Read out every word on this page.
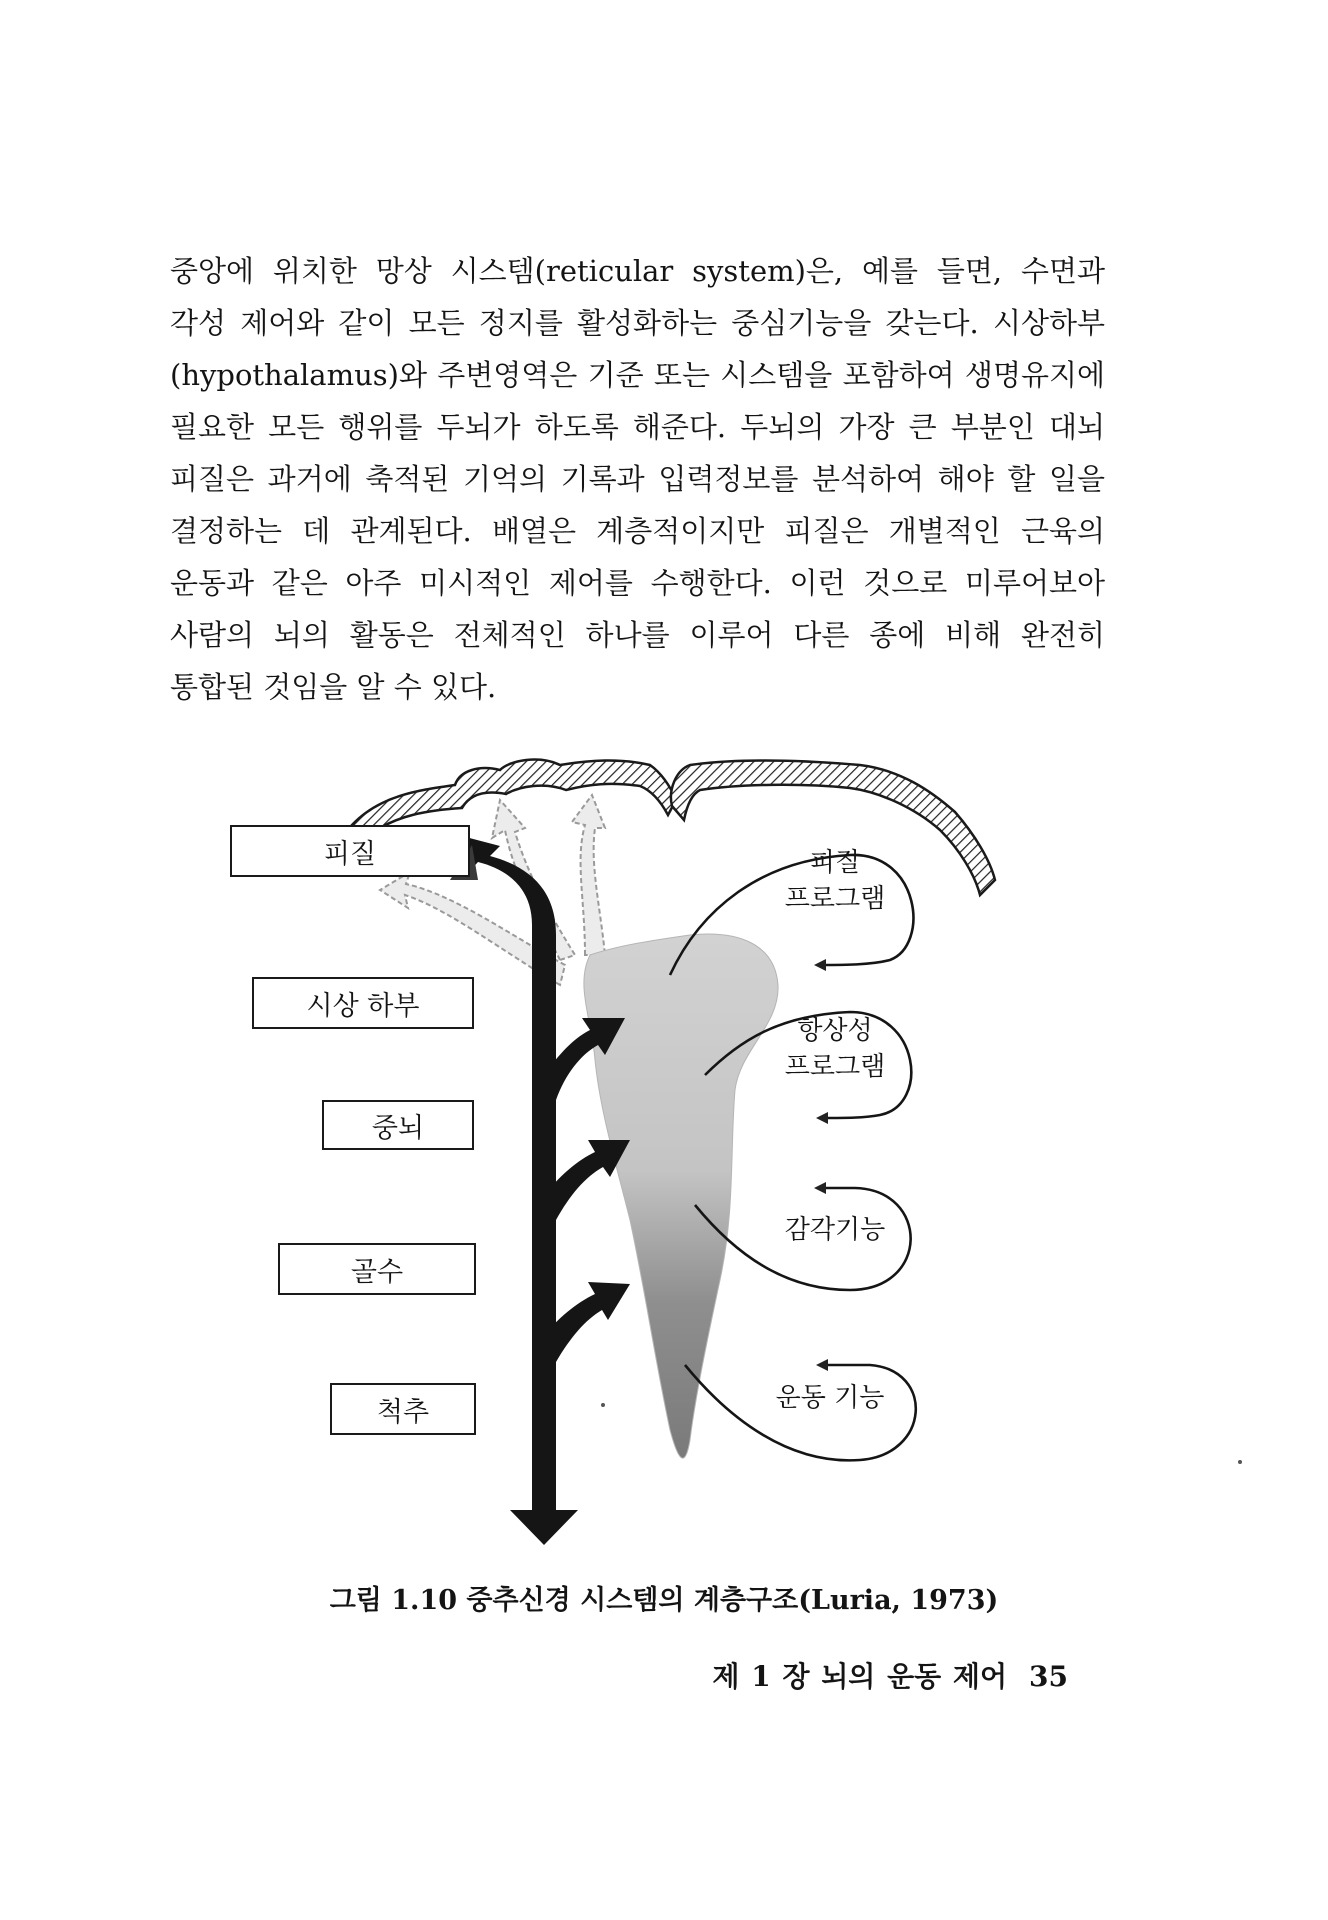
중앙에 위치한 망상 시스템(reticular system)은, 예를 들면, 수면과
각성 제어와 같이 모든 정지를 활성화하는 중심기능을 갖는다. 시상하부
(hypothalamus)와 주변영역은 기준 또는 시스템을 포함하여 생명유지에
필요한 모든 행위를 두뇌가 하도록 해준다. 두뇌의 가장 큰 부분인 대뇌
피질은 과거에 축적된 기억의 기록과 입력정보를 분석하여 해야 할 일을
결정하는 데 관계된다. 배열은 계층적이지만 피질은 개별적인 근육의
운동과 같은 아주 미시적인 제어를 수행한다. 이런 것으로 미루어보아
사람의 뇌의 활동은 전체적인 하나를 이루어 다른 종에 비해 완전히
통합된 것임을 알 수 있다.
피질
시상 하부
중뇌
골수
척추
피질
프로그램
항상성
프로그램
감각기능
운동 기능
그림 1.10 중추신경 시스템의 계층구조(Luria, 1973)
제 1 장 뇌의 운동 제어 35
